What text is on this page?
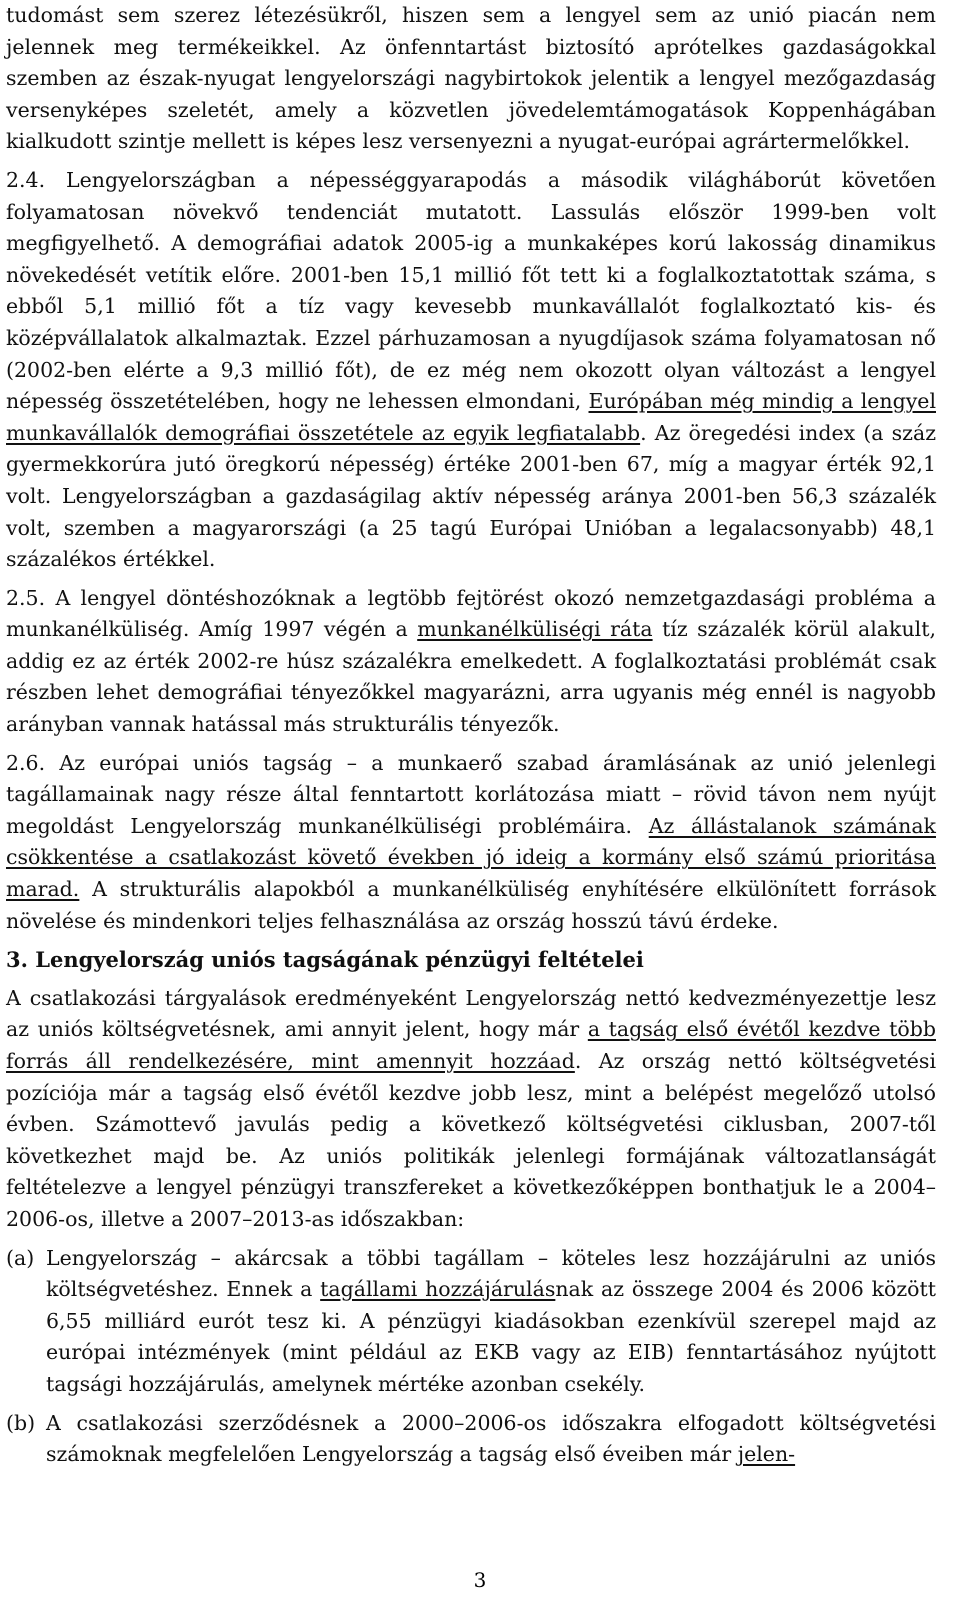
tudomást sem szerez létezésükről, hiszen sem a lengyel sem az unió piacán nem jelennek meg termékeikkel. Az önfenntartást biztosító aprótelkes gazdaságokkal szemben az észak-nyugat lengyelországi nagybirtokok jelentik a lengyel mezőgazdaság versenyképes szeletét, amely a közvetlen jövedelemtámogatások Koppenhágában kialkudott szintje mellett is képes lesz versenyezni a nyugat-európai agrártermelőkkel.

2.4. Lengyelországban a népességgyarapodás a második világháborút követően folyamatosan növekvő tendenciát mutatott. Lassulás először 1999-ben volt megfigyelhető. A demográfiai adatok 2005-ig a munkaképes korú lakosság dinamikus növekedését vetítik előre. 2001-ben 15,1 millió főt tett ki a foglalkoztatottak száma, s ebből 5,1 millió főt a tíz vagy kevesebb munkavállalót foglalkoztató kis- és középvállalatok alkalmaztak. Ezzel párhuzamosan a nyugdíjasok száma folyamatosan nő (2002-ben elérte a 9,3 millió főt), de ez még nem okozott olyan változást a lengyel népesség összetételében, hogy ne lehessen elmondani, Európában még mindig a lengyel munkavállalók demográfiai összetétele az egyik legfiatalabb. Az öregedési index (a száz gyermekkorúra jutó öregkorú népesség) értéke 2001-ben 67, míg a magyar érték 92,1 volt. Lengyelországban a gazdaságilag aktív népesség aránya 2001-ben 56,3 százalék volt, szemben a magyarországi (a 25 tagú Európai Unióban a legalacsonyabb) 48,1 százalékos értékkel.

2.5. A lengyel döntéshozóknak a legtöbb fejtörést okozó nemzetgazdasági probléma a munkanélküliség. Amíg 1997 végén a munkanélküliségi ráta tíz százalék körül alakult, addig ez az érték 2002-re húsz százalékra emelkedett. A foglalkoztatási problémát csak részben lehet demográfiai tényezőkkel magyarázni, arra ugyanis még ennél is nagyobb arányban vannak hatással más strukturális tényezők.

2.6. Az európai uniós tagság – a munkaerő szabad áramlásának az unió jelenlegi tagállamainak nagy része által fenntartott korlátozása miatt – rövid távon nem nyújt megoldást Lengyelország munkanélküliségi problémáira. Az állástalanok számának csökkentése a csatlakozást követő években jó ideig a kormány első számú prioritása marad. A strukturális alapokból a munkanélküliség enyhítésére elkülönített források növelése és mindenkori teljes felhasználása az ország hosszú távú érdeke.

3. Lengyelország uniós tagságának pénzügyi feltételei

A csatlakozási tárgyalások eredményeként Lengyelország nettó kedvezményezettje lesz az uniós költségvetésnek, ami annyit jelent, hogy már a tagság első évétől kezdve több forrás áll rendelkezésére, mint amennyit hozzáad. Az ország nettó költségvetési pozíciója már a tagság első évétől kezdve jobb lesz, mint a belépést megelőző utolsó évben. Számottevő javulás pedig a következő költségvetési ciklusban, 2007-től következhet majd be. Az uniós politikák jelenlegi formájának változatlanságát feltételezve a lengyel pénzügyi transzfereket a következőképpen bonthatjuk le a 2004–2006-os, illetve a 2007–2013-as időszakban:

(a) Lengyelország – akárcsak a többi tagállam – köteles lesz hozzájárulni az uniós költségvetéshez. Ennek a tagállami hozzájárulásnak az összege 2004 és 2006 között 6,55 milliárd eurót tesz ki. A pénzügyi kiadásokban ezenkívül szerepel majd az európai intézmények (mint például az EKB vagy az EIB) fenntartásához nyújtott tagsági hozzájárulás, amelynek mértéke azonban csekély.
(b) A csatlakozási szerződésnek a 2000–2006-os időszakra elfogadott költségvetési számoknak megfelelően Lengyelország a tagság első éveiben már jelen-
3
